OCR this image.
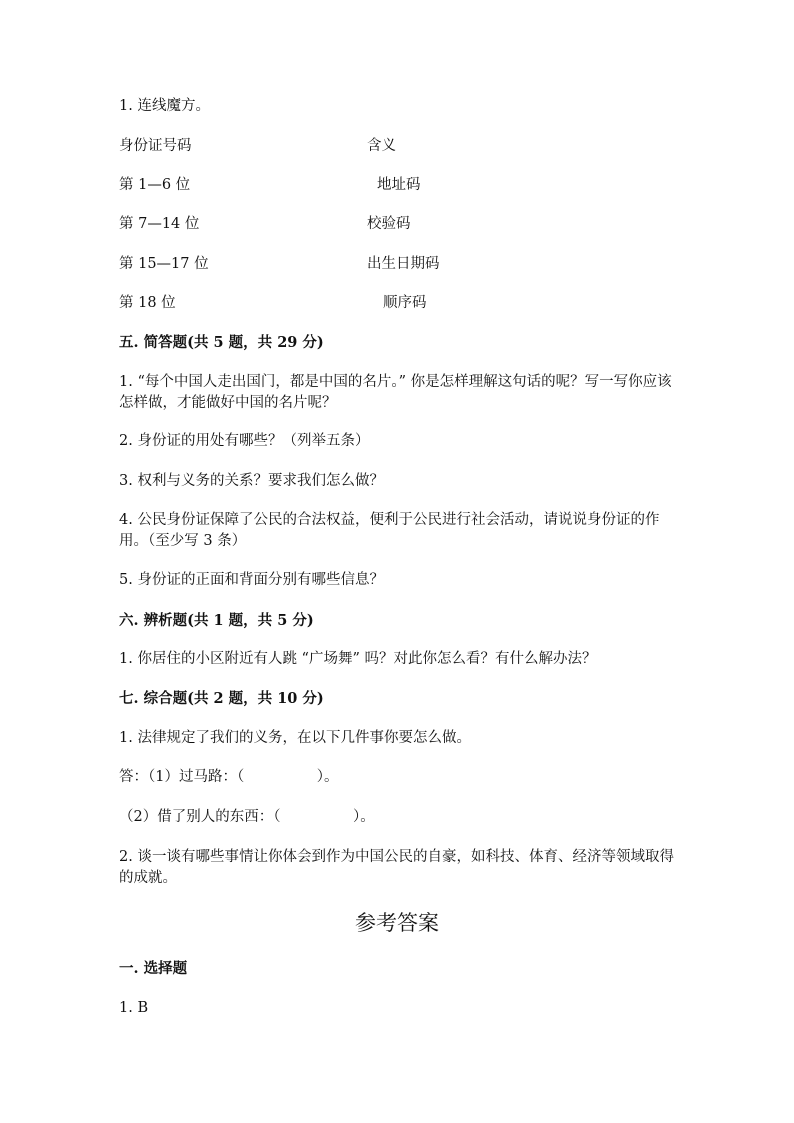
1. 连线魔方。
身份证号码	含义
第 1—6 位	地址码
第 7—14 位	校验码
第 15—17 位	出生日期码
第 18 位	顺序码
五. 简答题(共 5 题，共 29 分)
1. “每个中国人走出国门，都是中国的名片。” 你是怎样理解这句话的呢？写一写你应该怎样做，才能做好中国的名片呢？
2. 身份证的用处有哪些？（列举五条）
3. 权利与义务的关系？要求我们怎么做？
4. 公民身份证保障了公民的合法权益，便利于公民进行社会活动，请说说身份证的作用。（至少写 3 条）
5. 身份证的正面和背面分别有哪些信息？
六. 辨析题(共 1 题，共 5 分)
1. 你居住的小区附近有人跳 “广场舞” 吗？对此你怎么看？有什么解办法？
七. 综合题(共 2 题，共 10 分)
1. 法律规定了我们的义务，在以下几件事你要怎么做。
答：（1）过马路：（　　　　　）。
（2）借了别人的东西：（　　　　　）。
2. 谈一谈有哪些事情让你体会到作为中国公民的自豪，如科技、体育、经济等领域取得的成就。
参考答案
一. 选择题
1. B
